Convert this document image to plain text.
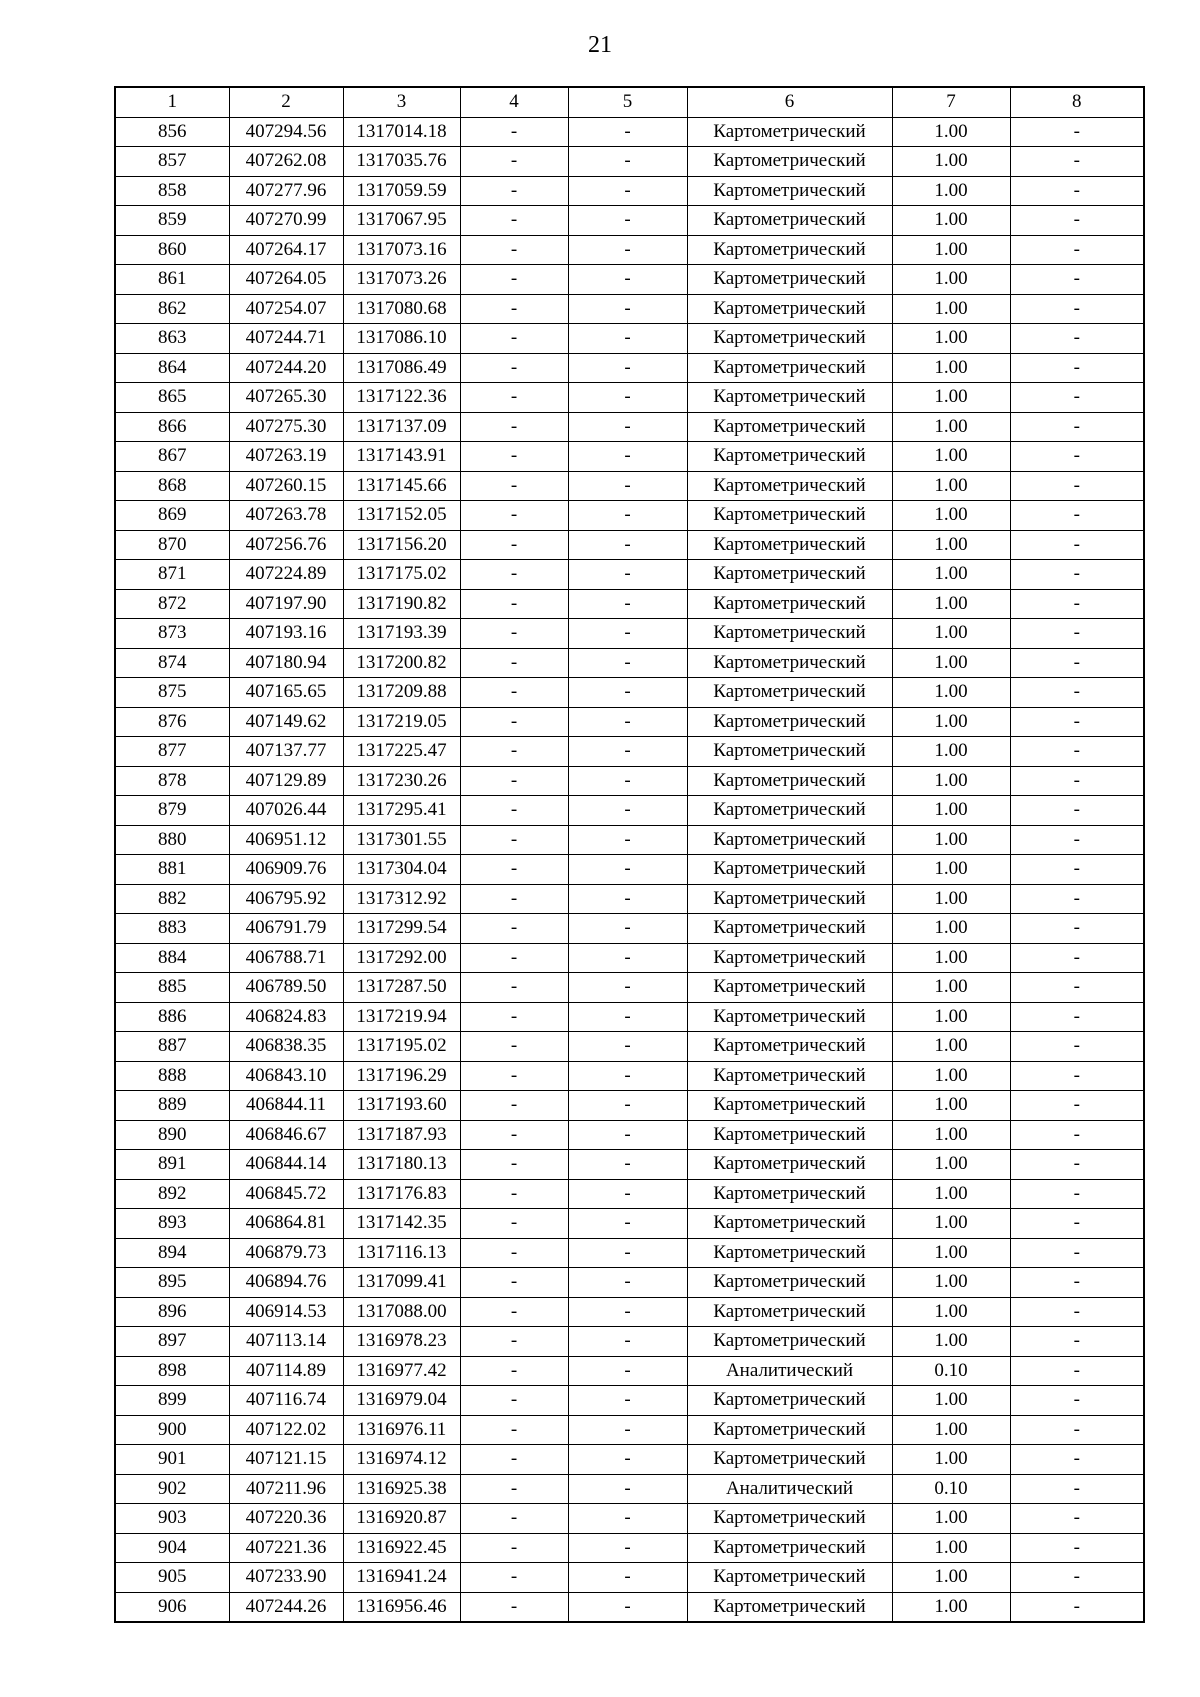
21
1	2	3	4	5	6	7	8
856	407294.56	1317014.18	-	-	Картометрический	1.00	-
857	407262.08	1317035.76	-	-	Картометрический	1.00	-
858	407277.96	1317059.59	-	-	Картометрический	1.00	-
859	407270.99	1317067.95	-	-	Картометрический	1.00	-
860	407264.17	1317073.16	-	-	Картометрический	1.00	-
861	407264.05	1317073.26	-	-	Картометрический	1.00	-
862	407254.07	1317080.68	-	-	Картометрический	1.00	-
863	407244.71	1317086.10	-	-	Картометрический	1.00	-
864	407244.20	1317086.49	-	-	Картометрический	1.00	-
865	407265.30	1317122.36	-	-	Картометрический	1.00	-
866	407275.30	1317137.09	-	-	Картометрический	1.00	-
867	407263.19	1317143.91	-	-	Картометрический	1.00	-
868	407260.15	1317145.66	-	-	Картометрический	1.00	-
869	407263.78	1317152.05	-	-	Картометрический	1.00	-
870	407256.76	1317156.20	-	-	Картометрический	1.00	-
871	407224.89	1317175.02	-	-	Картометрический	1.00	-
872	407197.90	1317190.82	-	-	Картометрический	1.00	-
873	407193.16	1317193.39	-	-	Картометрический	1.00	-
874	407180.94	1317200.82	-	-	Картометрический	1.00	-
875	407165.65	1317209.88	-	-	Картометрический	1.00	-
876	407149.62	1317219.05	-	-	Картометрический	1.00	-
877	407137.77	1317225.47	-	-	Картометрический	1.00	-
878	407129.89	1317230.26	-	-	Картометрический	1.00	-
879	407026.44	1317295.41	-	-	Картометрический	1.00	-
880	406951.12	1317301.55	-	-	Картометрический	1.00	-
881	406909.76	1317304.04	-	-	Картометрический	1.00	-
882	406795.92	1317312.92	-	-	Картометрический	1.00	-
883	406791.79	1317299.54	-	-	Картометрический	1.00	-
884	406788.71	1317292.00	-	-	Картометрический	1.00	-
885	406789.50	1317287.50	-	-	Картометрический	1.00	-
886	406824.83	1317219.94	-	-	Картометрический	1.00	-
887	406838.35	1317195.02	-	-	Картометрический	1.00	-
888	406843.10	1317196.29	-	-	Картометрический	1.00	-
889	406844.11	1317193.60	-	-	Картометрический	1.00	-
890	406846.67	1317187.93	-	-	Картометрический	1.00	-
891	406844.14	1317180.13	-	-	Картометрический	1.00	-
892	406845.72	1317176.83	-	-	Картометрический	1.00	-
893	406864.81	1317142.35	-	-	Картометрический	1.00	-
894	406879.73	1317116.13	-	-	Картометрический	1.00	-
895	406894.76	1317099.41	-	-	Картометрический	1.00	-
896	406914.53	1317088.00	-	-	Картометрический	1.00	-
897	407113.14	1316978.23	-	-	Картометрический	1.00	-
898	407114.89	1316977.42	-	-	Аналитический	0.10	-
899	407116.74	1316979.04	-	-	Картометрический	1.00	-
900	407122.02	1316976.11	-	-	Картометрический	1.00	-
901	407121.15	1316974.12	-	-	Картометрический	1.00	-
902	407211.96	1316925.38	-	-	Аналитический	0.10	-
903	407220.36	1316920.87	-	-	Картометрический	1.00	-
904	407221.36	1316922.45	-	-	Картометрический	1.00	-
905	407233.90	1316941.24	-	-	Картометрический	1.00	-
906	407244.26	1316956.46	-	-	Картометрический	1.00	-
